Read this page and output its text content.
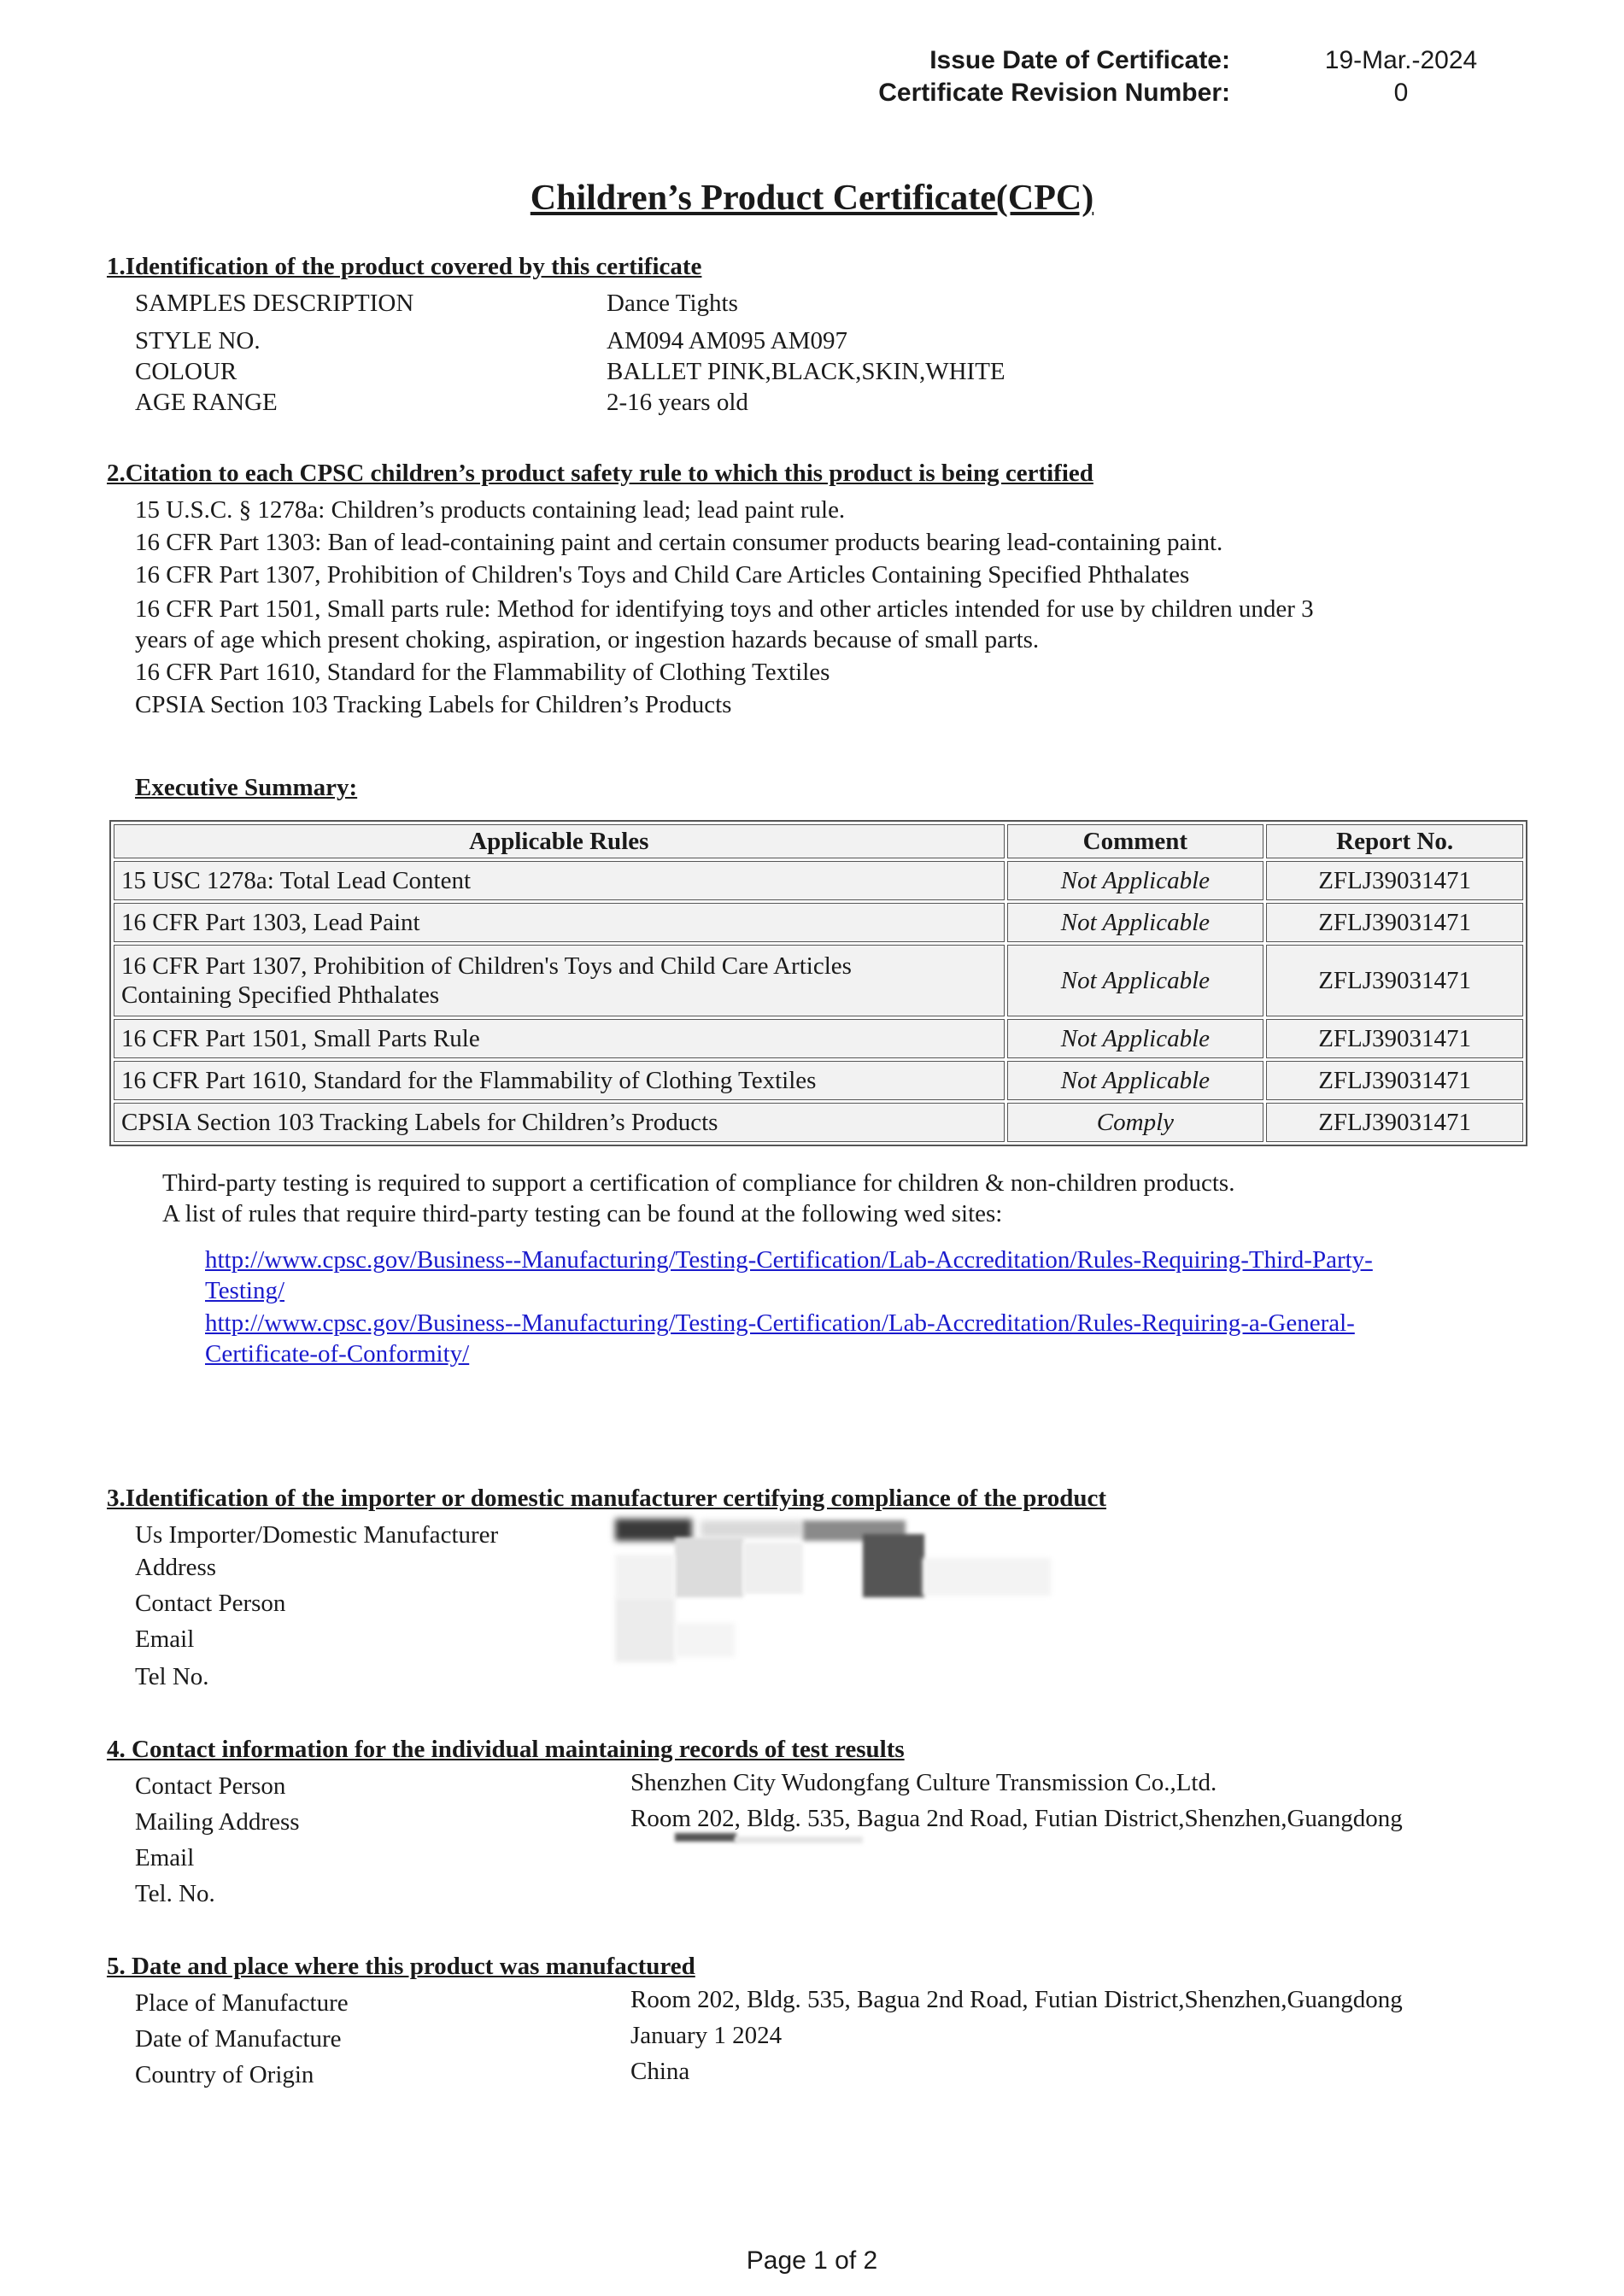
Issue Date of Certificate:	19-Mar.-2024
Certificate Revision Number:	0
Children’s Product Certificate(CPC)
1.Identification of the product covered by this certificate
SAMPLES DESCRIPTION	Dance Tights
STYLE NO.	AM094 AM095 AM097
COLOUR	BALLET PINK,BLACK,SKIN,WHITE
AGE RANGE	2-16 years old
2.Citation to each CPSC children’s product safety rule to which this product is being certified
15 U.S.C. § 1278a: Children’s products containing lead; lead paint rule.
16 CFR Part 1303: Ban of lead-containing paint and certain consumer products bearing lead-containing paint.
16 CFR Part 1307, Prohibition of Children's Toys and Child Care Articles Containing Specified Phthalates
16 CFR Part 1501, Small parts rule: Method for identifying toys and other articles intended for use by children under 3
years of age which present choking, aspiration, or ingestion hazards because of small parts.
16 CFR Part 1610, Standard for the Flammability of Clothing Textiles
CPSIA Section 103 Tracking Labels for Children’s Products
Executive Summary:
Applicable Rules	Comment	Report No.
15 USC 1278a: Total Lead Content	Not Applicable	ZFLJ39031471
16 CFR Part 1303, Lead Paint	Not Applicable	ZFLJ39031471

16 CFR Part 1307, Prohibition of Children's Toys and Child Care Articles
Containing Specified Phthalates	Not Applicable	ZFLJ39031471
16 CFR Part 1501, Small Parts Rule	Not Applicable	ZFLJ39031471
16 CFR Part 1610, Standard for the Flammability of Clothing Textiles	Not Applicable	ZFLJ39031471
CPSIA Section 103 Tracking Labels for Children’s Products	Comply	ZFLJ39031471
Third-party testing is required to support a certification of compliance for children & non-children products.
A list of rules that require third-party testing can be found at the following wed sites:
http://www.cpsc.gov/Business--Manufacturing/Testing-Certification/Lab-Accreditation/Rules-Requiring-Third-Party-
Testing/
http://www.cpsc.gov/Business--Manufacturing/Testing-Certification/Lab-Accreditation/Rules-Requiring-a-General-
Certificate-of-Conformity/
3.Identification of the importer or domestic manufacturer certifying compliance of the product
Us Importer/Domestic Manufacturer
Address
Contact Person
Email
Tel No.
4. Contact information for the individual maintaining records of test results
Contact Person	Shenzhen City Wudongfang Culture Transmission Co.,Ltd.
Mailing Address	Room 202, Bldg. 535, Bagua 2nd Road, Futian District,Shenzhen,Guangdong
Email
Tel. No.
5. Date and place where this product was manufactured
Place of Manufacture	Room 202, Bldg. 535, Bagua 2nd Road, Futian District,Shenzhen,Guangdong
Date of Manufacture	January 1 2024
Country of Origin	China
Page 1 of 2
